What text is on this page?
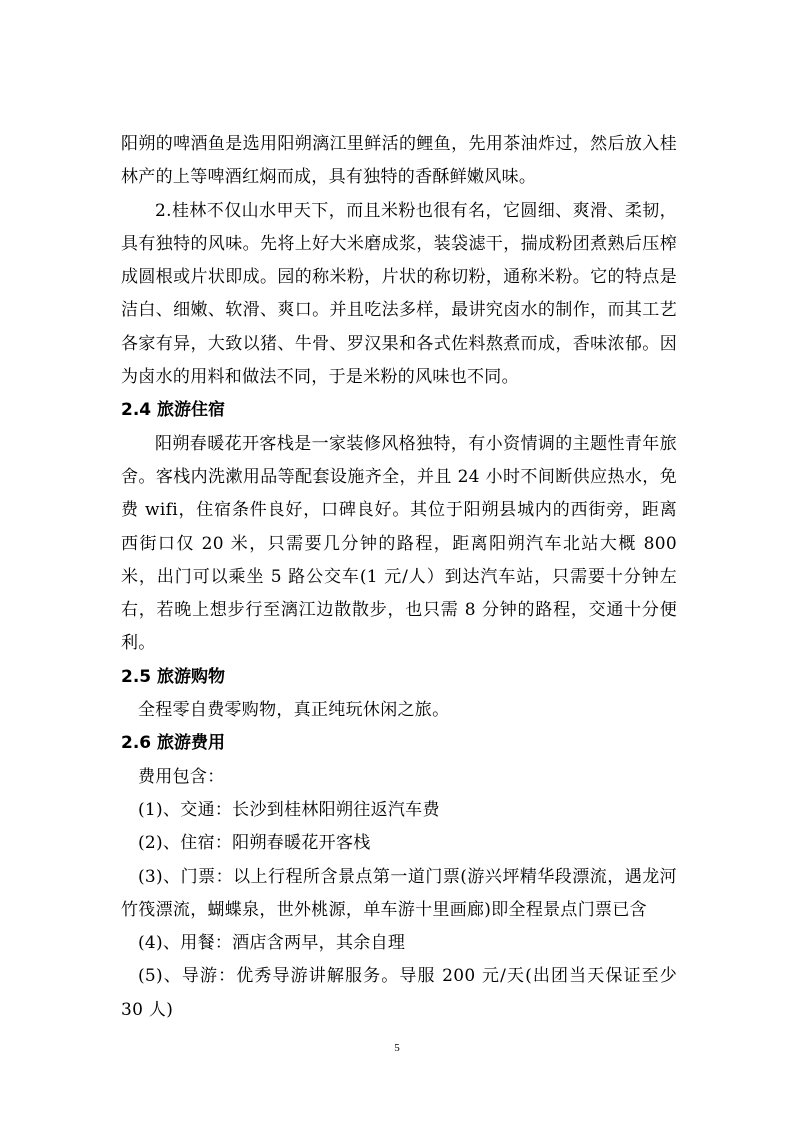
阳朔的啤酒鱼是选用阳朔漓江里鲜活的鲤鱼，先用茶油炸过，然后放入桂林产的上等啤酒红焖而成，具有独特的香酥鲜嫩风味。

2.桂林不仅山水甲天下，而且米粉也很有名，它圆细、爽滑、柔韧，具有独特的风味。先将上好大米磨成浆，装袋滤干，揣成粉团煮熟后压榨成圆根或片状即成。园的称米粉，片状的称切粉，通称米粉。它的特点是洁白、细嫩、软滑、爽口。并且吃法多样，最讲究卤水的制作，而其工艺各家有异，大致以猪、牛骨、罗汉果和各式佐料熬煮而成，香味浓郁。因为卤水的用料和做法不同，于是米粉的风味也不同。

2.4 旅游住宿

阳朔春暖花开客栈是一家装修风格独特，有小资情调的主题性青年旅舍。客栈内洗漱用品等配套设施齐全，并且 24 小时不间断供应热水，免费 wifi，住宿条件良好，口碑良好。其位于阳朔县城内的西街旁，距离西街口仅 20 米，只需要几分钟的路程，距离阳朔汽车北站大概 800 米，出门可以乘坐 5 路公交车(1 元/人）到达汽车站，只需要十分钟左右，若晚上想步行至漓江边散散步，也只需 8 分钟的路程，交通十分便利。

2.5 旅游购物

全程零自费零购物，真正纯玩休闲之旅。

2.6 旅游费用

费用包含：

(1)、交通：长沙到桂林阳朔往返汽车费

(2)、住宿：阳朔春暖花开客栈

(3)、门票：以上行程所含景点第一道门票(游兴坪精华段漂流，遇龙河竹筏漂流，蝴蝶泉，世外桃源，单车游十里画廊)即全程景点门票已含

(4)、用餐：酒店含两早，其余自理

(5)、导游：优秀导游讲解服务。导服 200 元/天(出团当天保证至少 30 人)

5
